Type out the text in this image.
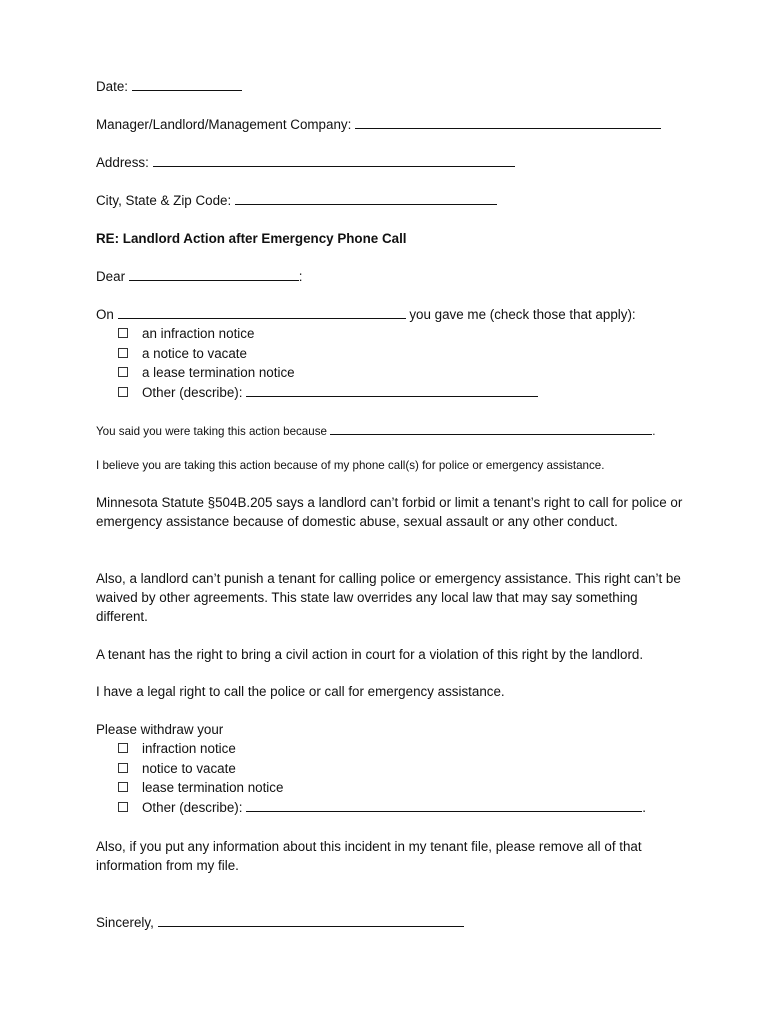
Date:
Manager/Landlord/Management Company:
Address:
City, State & Zip Code:
RE: Landlord Action after Emergency Phone Call
Dear	:
On	you gave me (check those that apply):
an infraction notice
a notice to vacate
a lease termination notice
Other (describe):
You said you were taking this action because	.
I believe you are taking this action because of my phone call(s) for police or emergency assistance.
Minnesota Statute §504B.205 says a landlord can’t forbid or limit a tenant’s right to call for police or emergency assistance because of domestic abuse, sexual assault or any other conduct.
Also, a landlord can’t punish a tenant for calling police or emergency assistance. This right can’t be waived by other agreements. This state law overrides any local law that may say something different.
A tenant has the right to bring a civil action in court for a violation of this right by the landlord.
I have a legal right to call the police or call for emergency assistance.
Please withdraw your
infraction notice
notice to vacate
lease termination notice
Other (describe):	.
Also, if you put any information about this incident in my tenant file, please remove all of that information from my file.
Sincerely,
